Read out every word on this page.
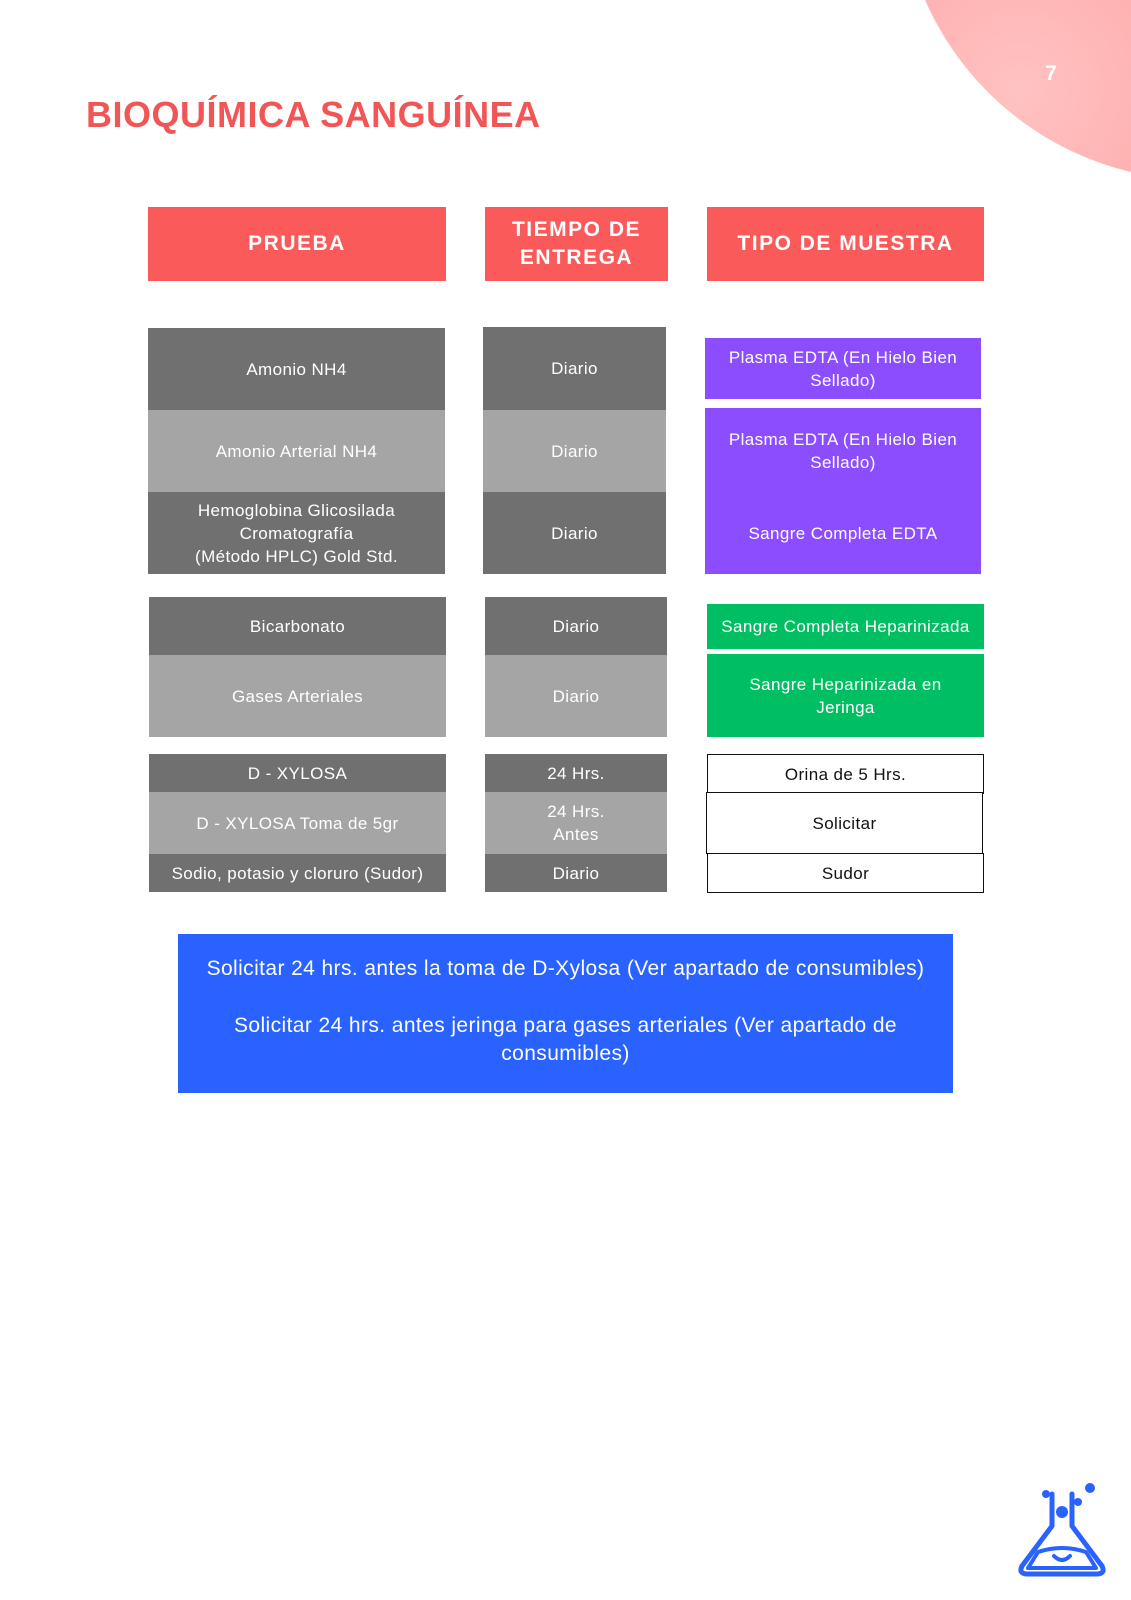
7
BIOQUÍMICA SANGUÍNEA
PRUEBA
TIEMPO DE ENTREGA
TIPO DE MUESTRA
Amonio NH4
Amonio Arterial NH4
Hemoglobina Glicosilada
Cromatografía
(Método HPLC) Gold Std.
Diario
Diario
Diario
Plasma EDTA (En Hielo Bien
Sellado)
Plasma EDTA (En Hielo Bien
Sellado)
Sangre Completa EDTA
Bicarbonato
Gases Arteriales
Diario
Diario
Sangre Completa Heparinizada
Sangre Heparinizada en
Jeringa
D - XYLOSA
D - XYLOSA Toma de 5gr
Sodio, potasio y cloruro (Sudor)
24 Hrs.
24 Hrs.
Antes
Diario
Orina de 5 Hrs.
Solicitar
Sudor

Solicitar 24 hrs. antes la toma de D-Xylosa (Ver apartado de consumibles)

Solicitar 24 hrs. antes jeringa para gases arteriales (Ver apartado de consumibles)
